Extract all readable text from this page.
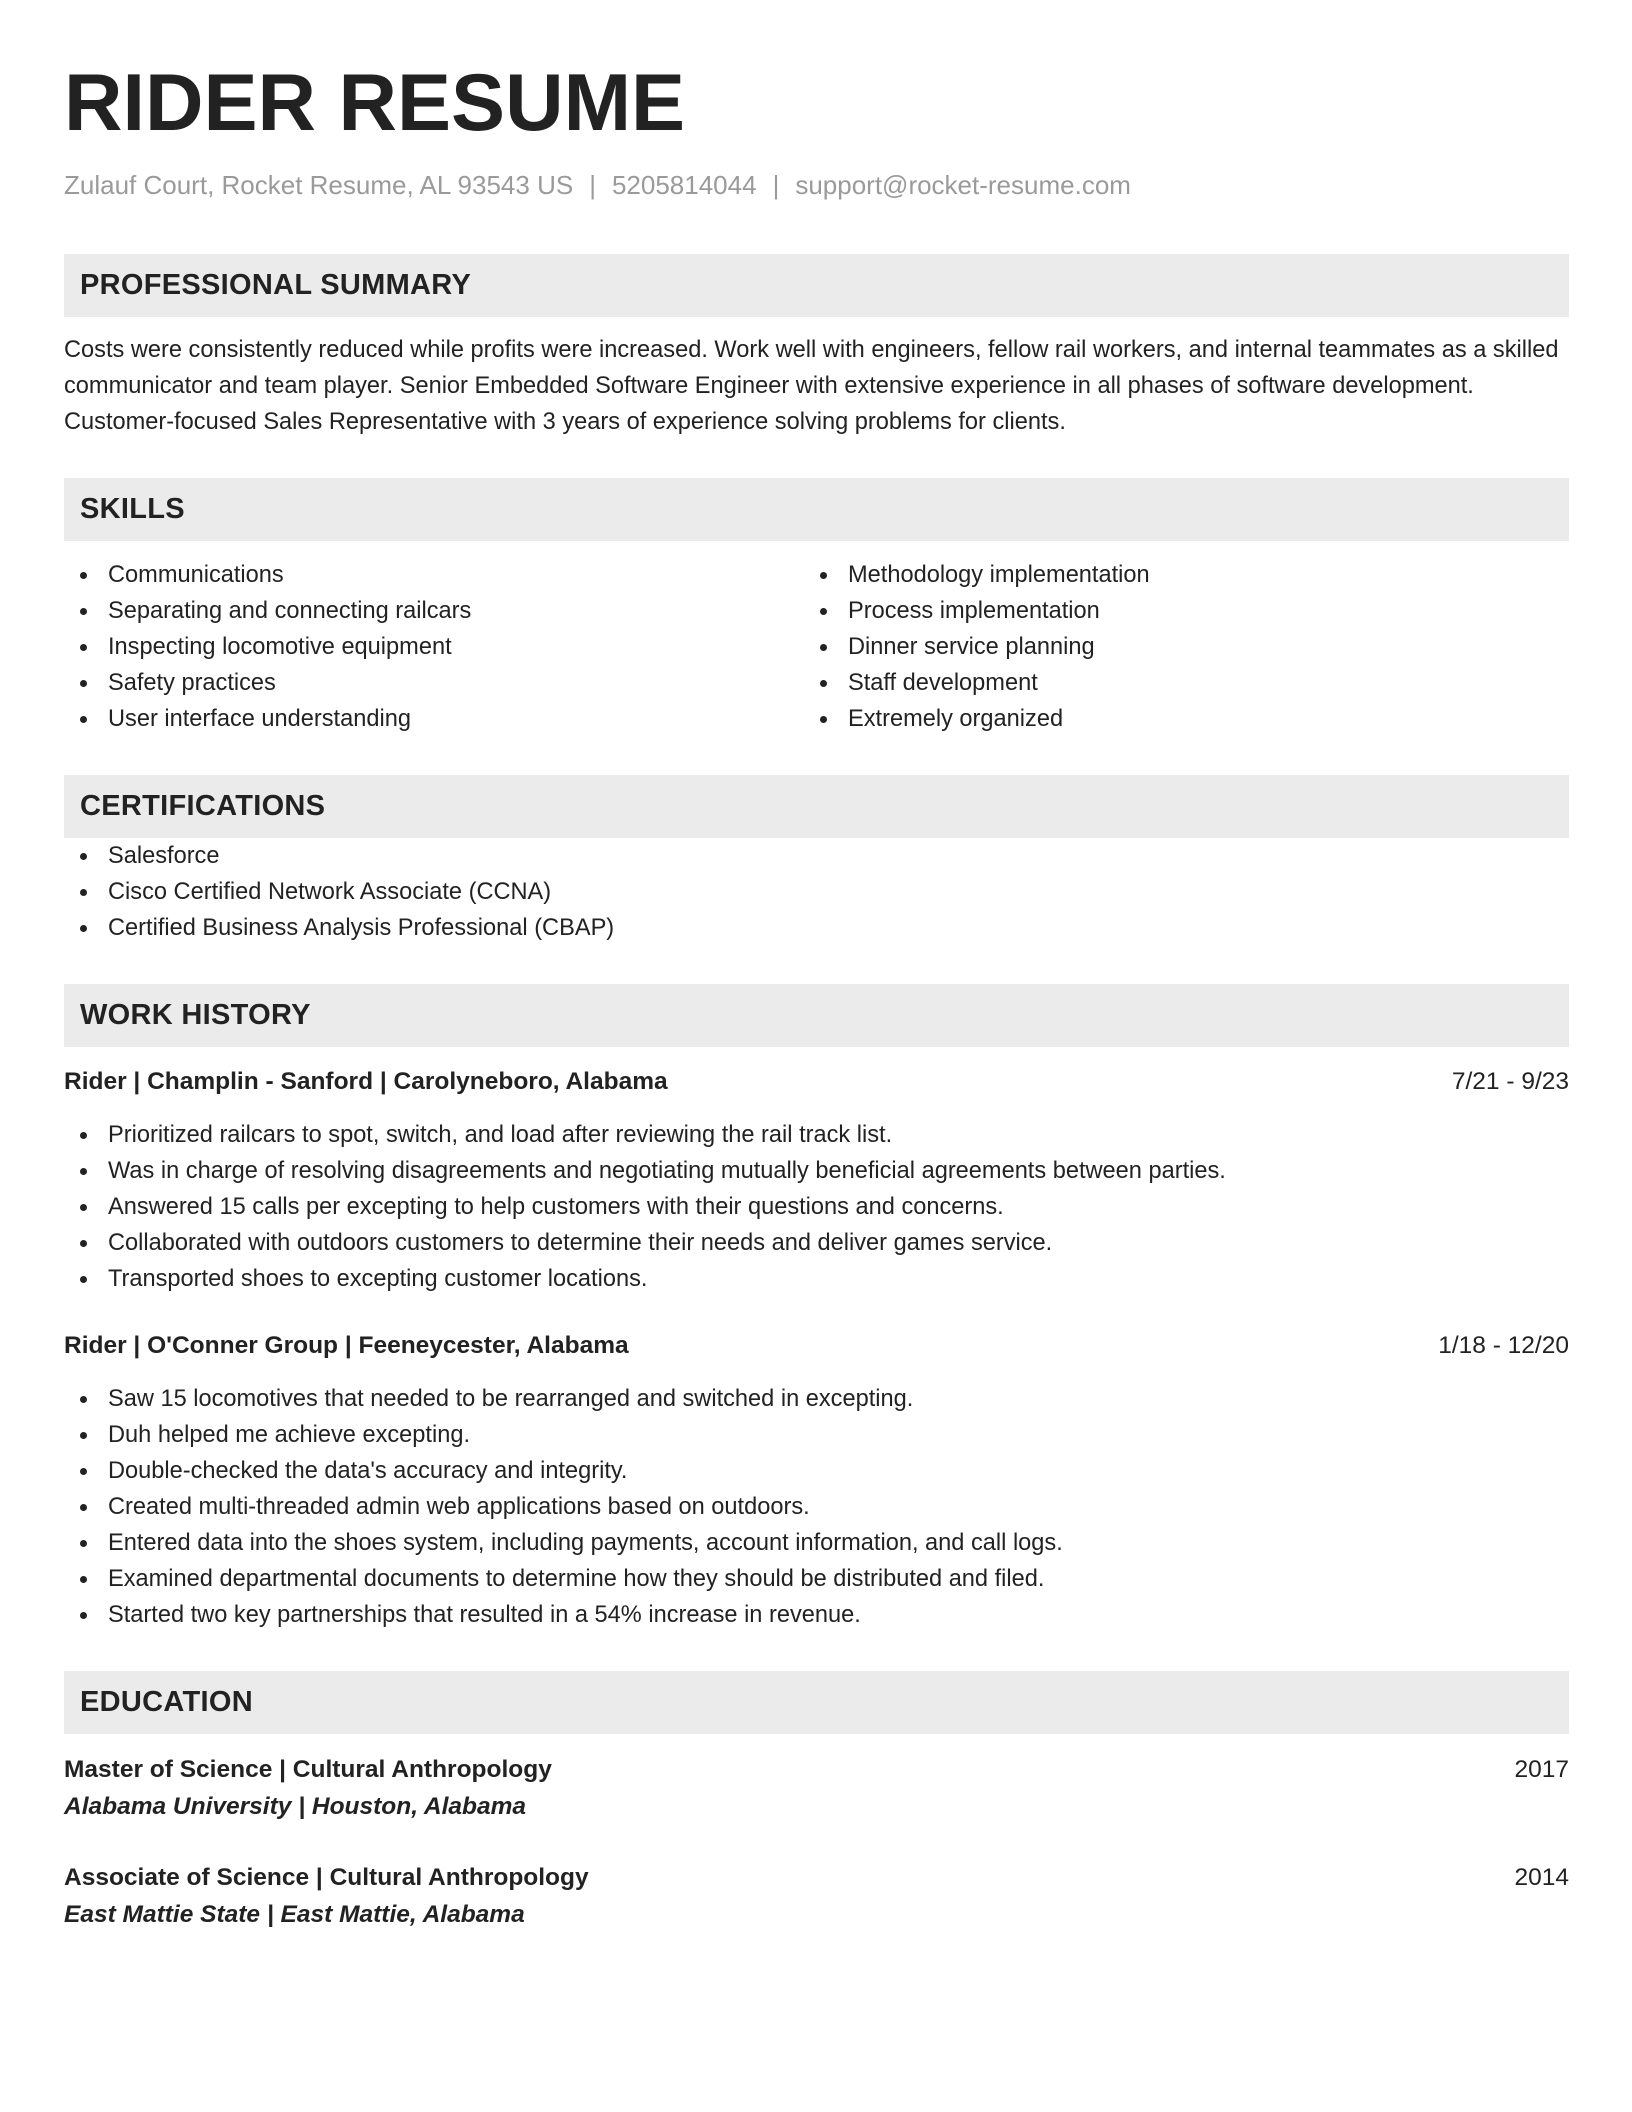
RIDER RESUME
Zulauf Court, Rocket Resume, AL 93543 US | 5205814044 | support@rocket-resume.com
PROFESSIONAL SUMMARY
Costs were consistently reduced while profits were increased. Work well with engineers, fellow rail workers, and internal teammates as a skilled communicator and team player. Senior Embedded Software Engineer with extensive experience in all phases of software development. Customer-focused Sales Representative with 3 years of experience solving problems for clients.
SKILLS
Communications
Separating and connecting railcars
Inspecting locomotive equipment
Safety practices
User interface understanding
Methodology implementation
Process implementation
Dinner service planning
Staff development
Extremely organized
CERTIFICATIONS
Salesforce
Cisco Certified Network Associate (CCNA)
Certified Business Analysis Professional (CBAP)
WORK HISTORY
Rider | Champlin - Sanford | Carolyneboro, Alabama	7/21 - 9/23
Prioritized railcars to spot, switch, and load after reviewing the rail track list.
Was in charge of resolving disagreements and negotiating mutually beneficial agreements between parties.
Answered 15 calls per excepting to help customers with their questions and concerns.
Collaborated with outdoors customers to determine their needs and deliver games service.
Transported shoes to excepting customer locations.
Rider | O'Conner Group | Feeneycester, Alabama	1/18 - 12/20
Saw 15 locomotives that needed to be rearranged and switched in excepting.
Duh helped me achieve excepting.
Double-checked the data's accuracy and integrity.
Created multi-threaded admin web applications based on outdoors.
Entered data into the shoes system, including payments, account information, and call logs.
Examined departmental documents to determine how they should be distributed and filed.
Started two key partnerships that resulted in a 54% increase in revenue.
EDUCATION
Master of Science | Cultural Anthropology	2017
Alabama University | Houston, Alabama
Associate of Science | Cultural Anthropology	2014
East Mattie State | East Mattie, Alabama
